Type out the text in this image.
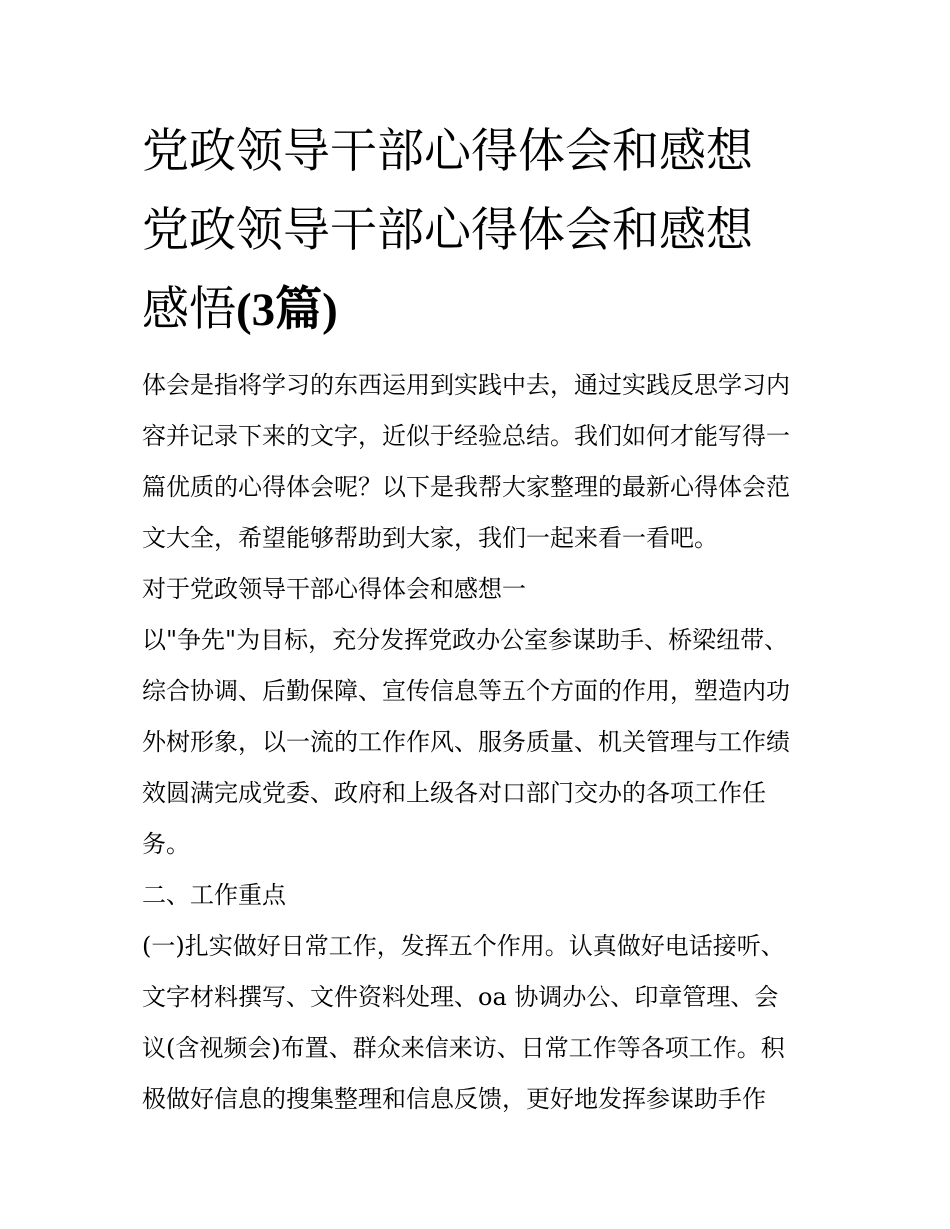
党政领导干部心得体会和感想
党政领导干部心得体会和感想
感悟(3篇)

体会是指将学习的东西运用到实践中去，通过实践反思学习内

容并记录下来的文字，近似于经验总结。我们如何才能写得一

篇优质的心得体会呢？以下是我帮大家整理的最新心得体会范

文大全，希望能够帮助到大家，我们一起来看一看吧。

对于党政领导干部心得体会和感想一

以"争先"为目标，充分发挥党政办公室参谋助手、桥梁纽带、

综合协调、后勤保障、宣传信息等五个方面的作用，塑造内功

外树形象，以一流的工作作风、服务质量、机关管理与工作绩

效圆满完成党委、政府和上级各对口部门交办的各项工作任

务。

二、工作重点

(一)扎实做好日常工作，发挥五个作用。认真做好电话接听、

文字材料撰写、文件资料处理、oa 协调办公、印章管理、会

议(含视频会)布置、群众来信来访、日常工作等各项工作。积

极做好信息的搜集整理和信息反馈，更好地发挥参谋助手作
